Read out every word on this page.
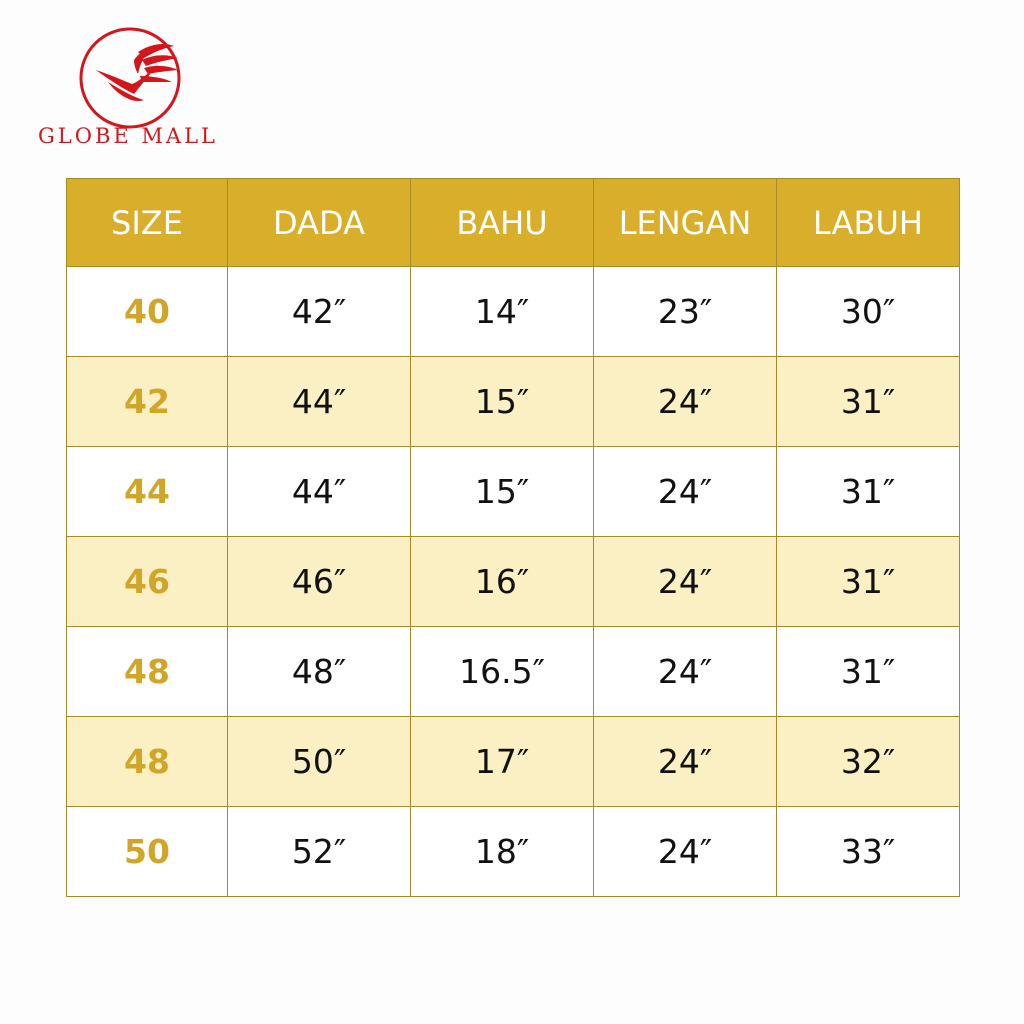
GLOBE MALL
SIZE	DADA	BAHU	LENGAN	LABUH
40	42″	14″	23″	30″
42	44″	15″	24″	31″
44	44″	15″	24″	31″
46	46″	16″	24″	31″
48	48″	16.5″	24″	31″
48	50″	17″	24″	32″
50	52″	18″	24″	33″
